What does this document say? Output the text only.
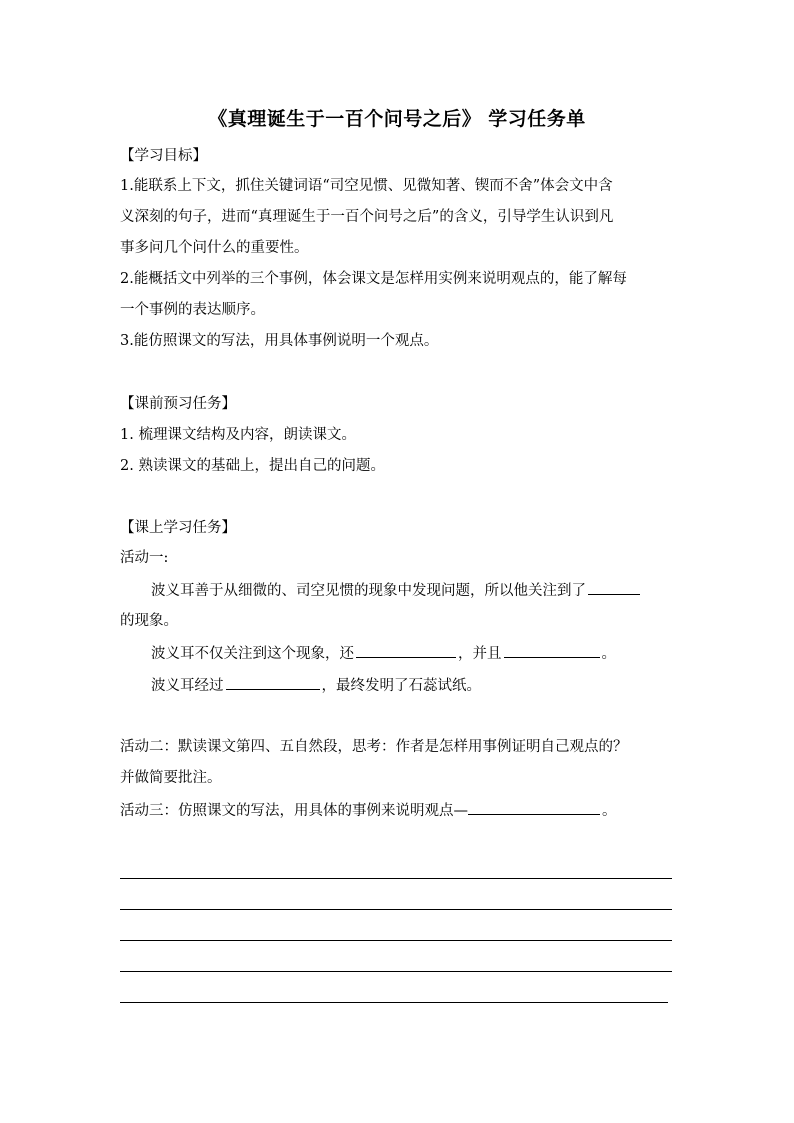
《真理诞生于一百个问号之后》 学习任务单
【学习目标】
1.能联系上下文，抓住关键词语“司空见惯、见微知著、锲而不舍”体会文中含
义深刻的句子，进而“真理诞生于一百个问号之后”的含义，引导学生认识到凡
事多问几个问什么的重要性。
2.能概括文中列举的三个事例，体会课文是怎样用实例来说明观点的，能了解每
一个事例的表达顺序。
3.能仿照课文的写法，用具体事例说明一个观点。
【课前预习任务】
1. 梳理课文结构及内容，朗读课文。
2. 熟读课文的基础上，提出自己的问题。
【课上学习任务】
活动一:
波义耳善于从细微的、司空见惯的现象中发现问题，所以他关注到了
的现象。
波义耳不仅关注到这个现象，还	，并且	。
波义耳经过	，最终发明了石蕊试纸。
活动二：默读课文第四、五自然段，思考：作者是怎样用事例证明自己观点的？
并做简要批注。
活动三：仿照课文的写法，用具体的事例来说明观点—	。
